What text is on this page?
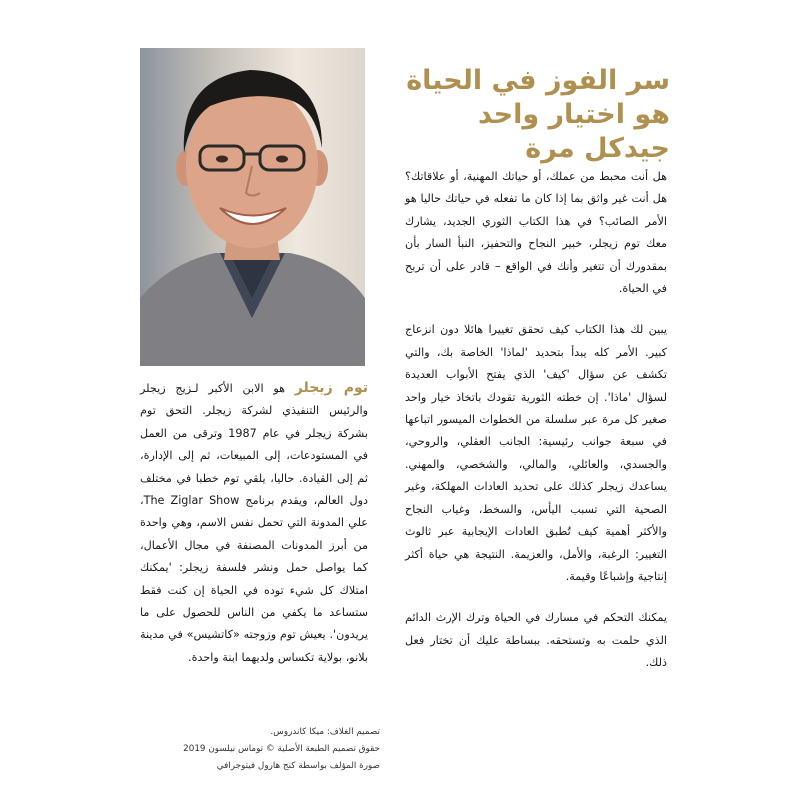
سر الفوز في الحياة
هو اختيار واحد
جيدكل مرة

هل أنت محبط من عملك، أو حياتك المهنية، أو علاقاتك؟ هل أنت غير واثق بما إذا كان ما تفعله في حياتك حاليا هو الأمر الصائب؟ في هذا الكتاب الثوري الجديد، يشارك معك توم زيجلر، خبير النجاح والتحفيز، النبأ السار بأن بمقدورك أن تتغير وأنك في الواقع – قادر على أن تربح في الحياة.

يبين لك هذا الكتاب كيف تحقق تغييرا هائلا دون انزعاج كبير. الأمر كله يبدأ بتحديد 'لماذا' الخاصة بك، والتي تكشف عن سؤال 'كيف' الذي يفتح الأبواب العديدة لسؤال 'ماذا'. إن خطته الثورية تقودك باتخاذ خيار واحد صغير كل مرة عبر سلسلة من الخطوات الميسور اتباعها في سبعة جوانب رئيسية: الجانب العقلي، والروحي، والجسدي، والعائلي، والمالي، والشخصي، والمهني. يساعدك زيجلر كذلك على تحديد العادات المهلكة، وغير الصحية التي تسبب اليأس، والسخط، وغياب النجاح والأكثر أهمية كيف تُطبق العادات الإيجابية عبر ثالوث التغيير: الرغبة، والأمل، والعزيمة. النتيجة هي حياة أكثر إنتاجية وإشباعًا وقيمة.

يمكنك التحكم في مسارك في الحياة وترك الإرث الدائم الذي حلمت به وتستحقه. ببساطة عليك أن تختار فعل ذلك.

توم زيجلر هو الابن الأكبر لـزيج زيجلر والرئيس التنفيذي لشركة زيجلر. التحق توم بشركة زيجلر في عام 1987 وترقى من العمل في المستودعات، إلى المبيعات، ثم إلى الإدارة، ثم إلى القيادة. حاليا، يلقي توم خطبا في مختلف دول العالم، ويقدم برنامج The Ziglar Show، علي المدونة التي تحمل نفس الاسم، وهي واحدة من أبرز المدونات المصنفة في مجال الأعمال، كما يواصل حمل ونشر فلسفة زيجلر: 'يمكنك امتلاك كل شيء توده في الحياة إن كنت فقط ستساعد ما يكفي من الناس للحصول على ما يريدون'. يعيش توم وزوجته «كاتشيس» في مدينة بلانو، بولاية تكساس ولديهما ابنة واحدة.
تصميم الغلاف: ميكا كاندروس.
حقوق تصميم الطبعة الأصلية © توماس نيلسون 2019
صورة المؤلف بواسطة كنج هارول فيتوجرافي
